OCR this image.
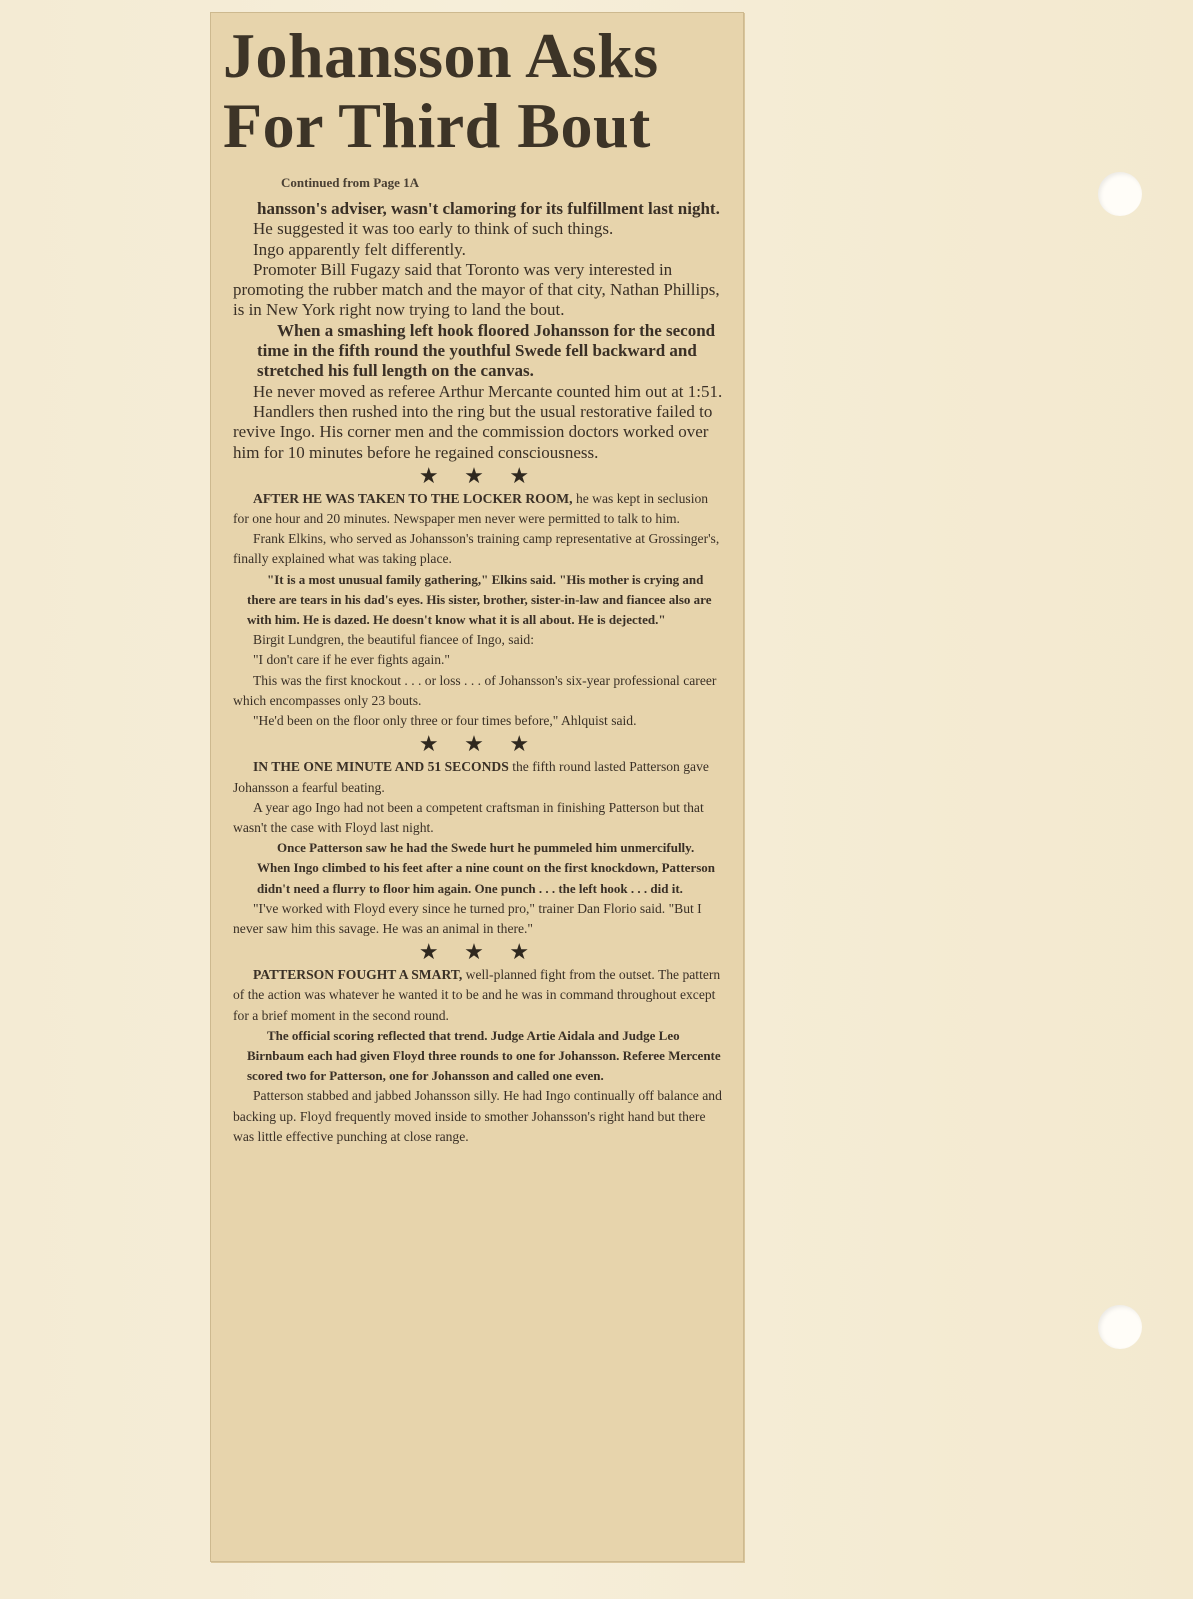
Johansson Asks For Third Bout
Continued from Page 1A

hansson's adviser, wasn't clamoring for its fulfillment last night.

He suggested it was too early to think of such things.

Ingo apparently felt differently.

Promoter Bill Fugazy said that Toronto was very interested in promoting the rubber match and the mayor of that city, Nathan Phillips, is in New York right now trying to land the bout.

When a smashing left hook floored Johansson for the second time in the fifth round the youthful Swede fell backward and stretched his full length on the canvas.

He never moved as referee Arthur Mercante counted him out at 1:51.

Handlers then rushed into the ring but the usual restorative failed to revive Ingo. His corner men and the commission doctors worked over him for 10 minutes before he regained consciousness.

★ ★ ★

AFTER HE WAS TAKEN TO THE LOCKER ROOM, he was kept in seclusion for one hour and 20 minutes. Newspaper men never were permitted to talk to him.

Frank Elkins, who served as Johansson's training camp representative at Grossinger's, finally explained what was taking place.

"It is a most unusual family gathering," Elkins said. "His mother is crying and there are tears in his dad's eyes. His sister, brother, sister-in-law and fiancee also are with him. He is dazed. He doesn't know what it is all about. He is dejected."

Birgit Lundgren, the beautiful fiancee of Ingo, said:

"I don't care if he ever fights again."

This was the first knockout . . . or loss . . . of Johansson's six-year professional career which encompasses only 23 bouts.

"He'd been on the floor only three or four times before," Ahlquist said.

★ ★ ★

IN THE ONE MINUTE AND 51 SECONDS the fifth round lasted Patterson gave Johansson a fearful beating.

A year ago Ingo had not been a competent craftsman in finishing Patterson but that wasn't the case with Floyd last night.

Once Patterson saw he had the Swede hurt he pummeled him unmercifully. When Ingo climbed to his feet after a nine count on the first knockdown, Patterson didn't need a flurry to floor him again. One punch . . . the left hook . . . did it.

"I've worked with Floyd every since he turned pro," trainer Dan Florio said. "But I never saw him this savage. He was an animal in there."

★ ★ ★

PATTERSON FOUGHT A SMART, well-planned fight from the outset. The pattern of the action was whatever he wanted it to be and he was in command throughout except for a brief moment in the second round.

The official scoring reflected that trend. Judge Artie Aidala and Judge Leo Birnbaum each had given Floyd three rounds to one for Johansson. Referee Mercente scored two for Patterson, one for Johansson and called one even.

Patterson stabbed and jabbed Johansson silly. He had Ingo continually off balance and backing up. Floyd frequently moved inside to smother Johansson's right hand but there was little effective punching at close range.
